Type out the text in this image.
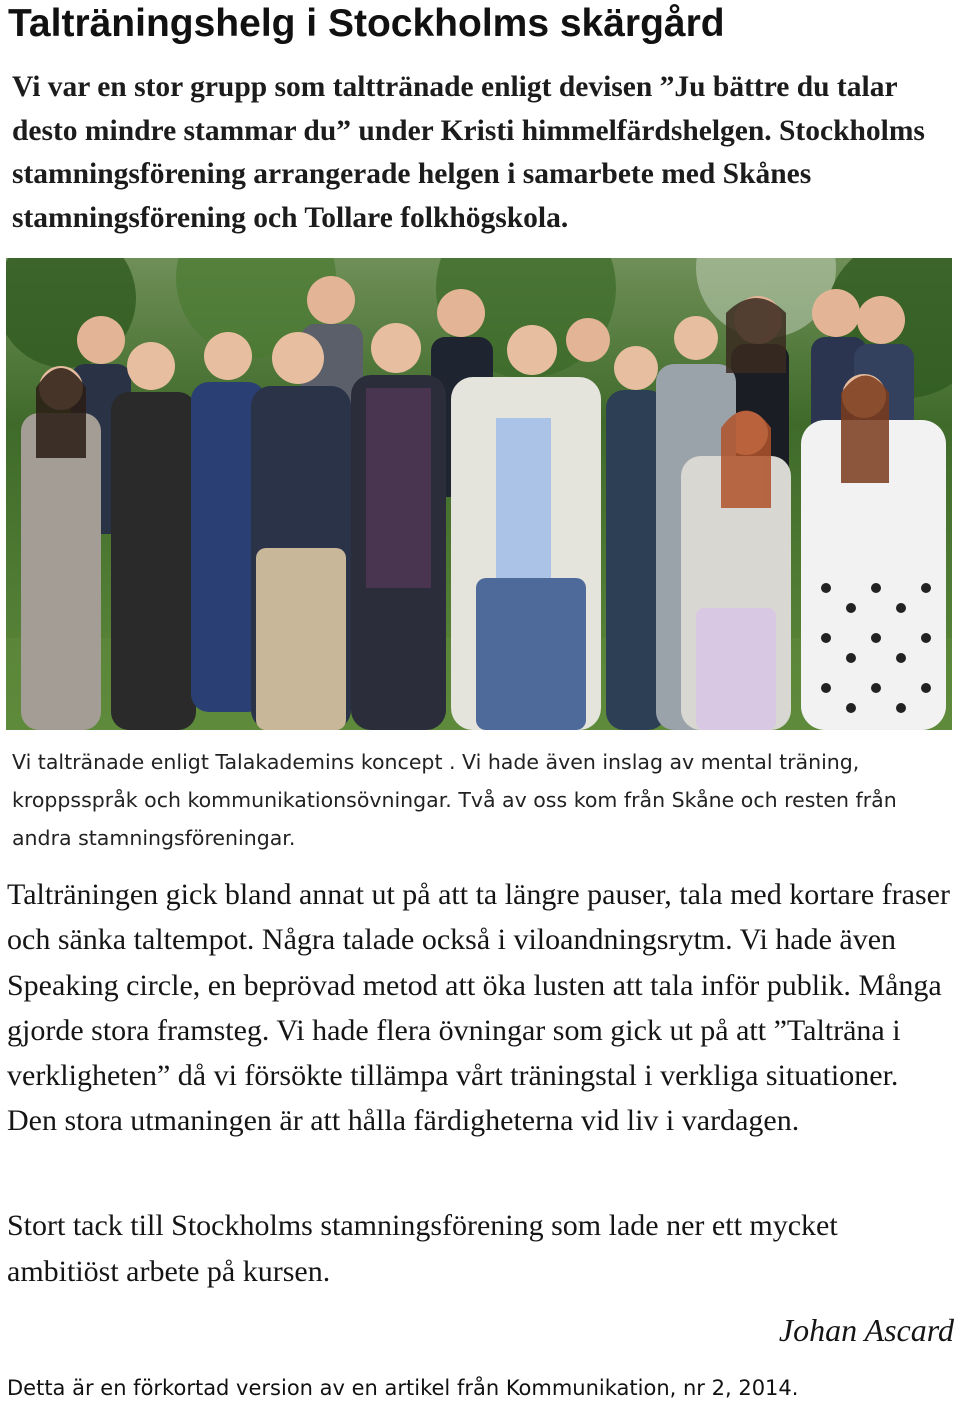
Talträningshelg i Stockholms skärgård

Vi var en stor grupp som talttränade enligt devisen ”Ju bättre du talar desto mindre stammar du” under Kristi himmelfärdshelgen. Stockholms stamningsförening arrangerade helgen i samarbete med Skånes stamningsförening och Tollare folkhögskola.

Vi taltränade enligt Talakademins koncept . Vi hade även inslag av mental träning, kroppsspråk och kommunikationsövningar. Två av oss kom från Skåne och resten från andra stamningsföreningar.

Talträningen gick bland annat ut på att ta längre pauser, tala med kortare fraser och sänka taltempot. Några talade också i viloandningsrytm. Vi hade även Speaking circle, en beprövad metod att öka lusten att tala inför publik. Många gjorde stora framsteg. Vi hade flera övningar som gick ut på att ”Talträna i verkligheten” då vi försökte tillämpa vårt träningstal i verkliga situationer. Den stora utmaningen är att hålla färdigheterna vid liv i vardagen.

Stort tack till Stockholms stamningsförening som lade ner ett mycket ambitiöst arbete på kursen.

Johan Ascard

Detta är en förkortad version av en artikel från Kommunikation, nr 2, 2014.
